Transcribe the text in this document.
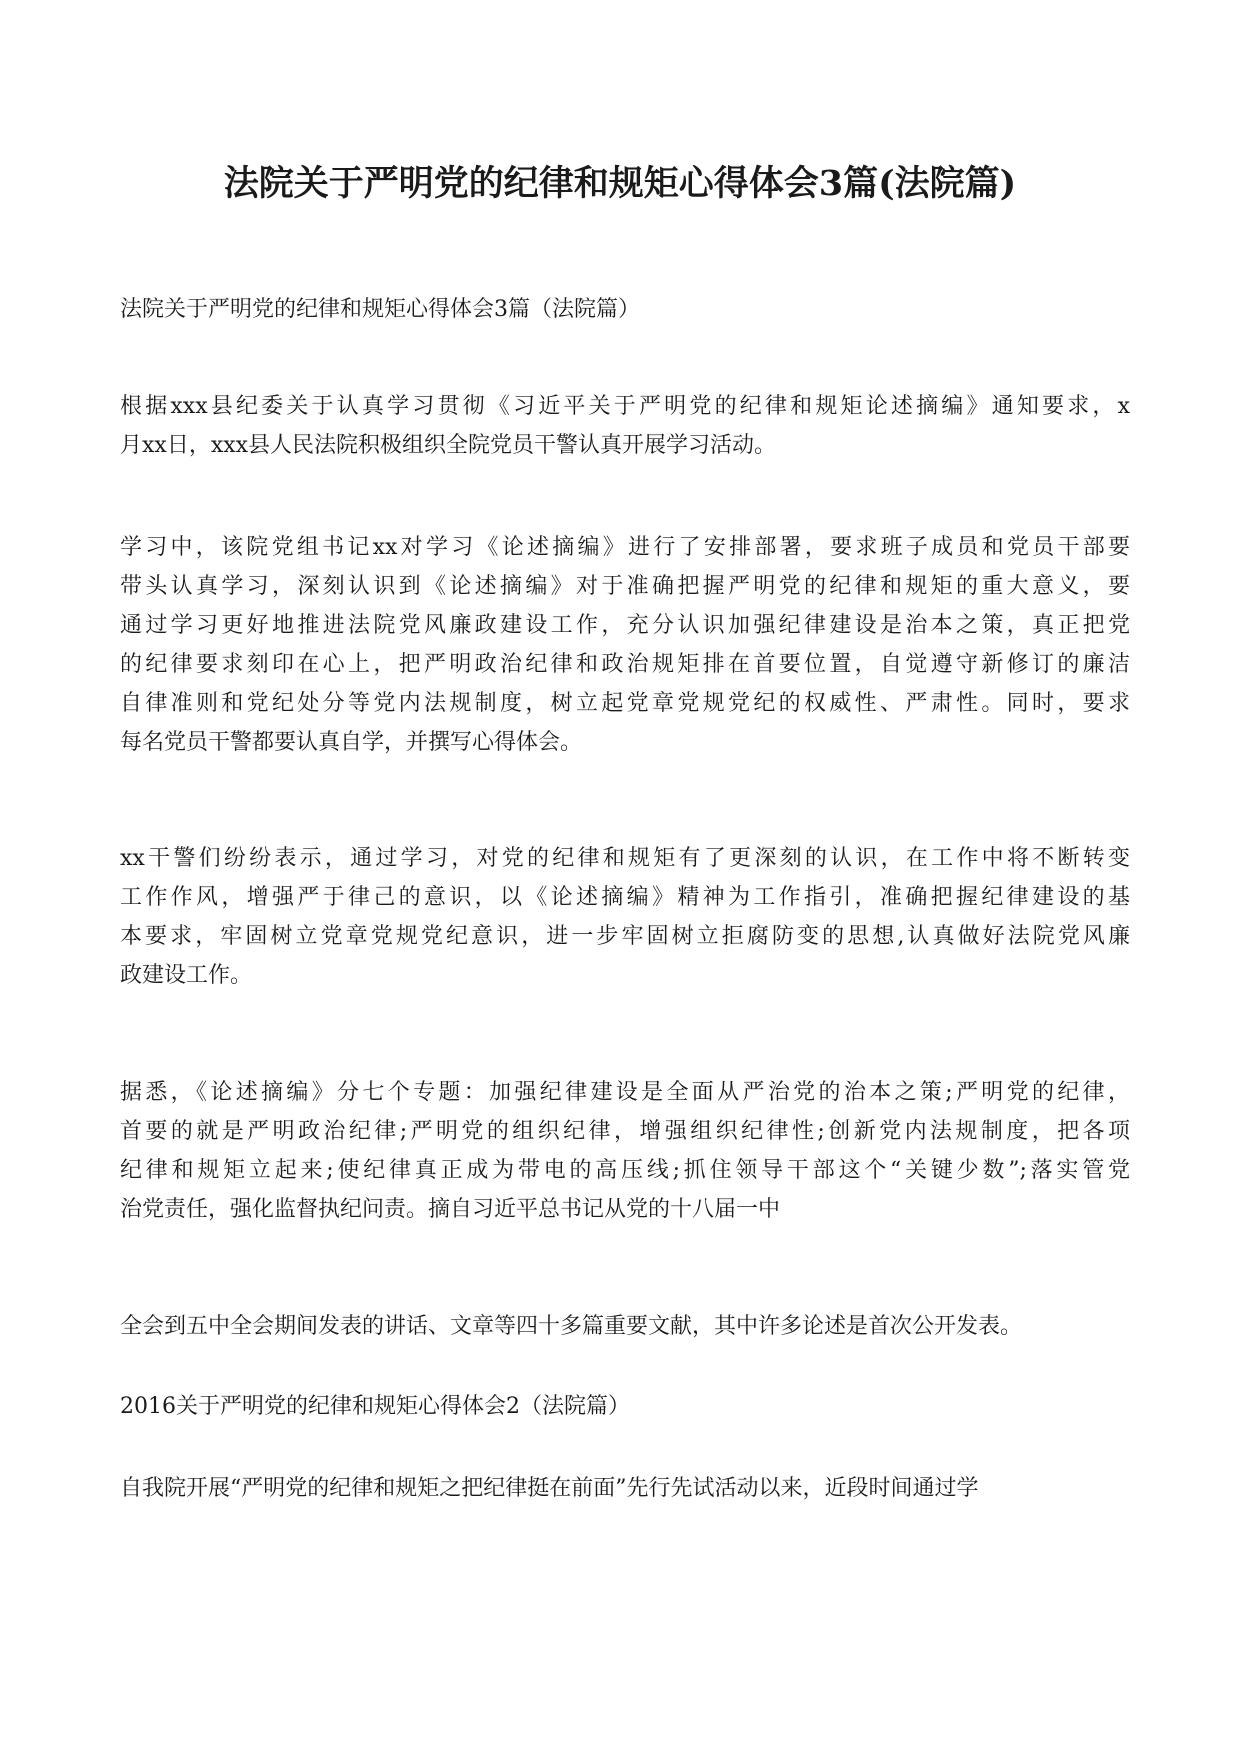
法院关于严明党的纪律和规矩心得体会3篇(法院篇)

法院关于严明党的纪律和规矩心得体会3篇（法院篇）

根据xxx县纪委关于认真学习贯彻《习近平关于严明党的纪律和规矩论述摘编》通知要求，x
月xx日，xxx县人民法院积极组织全院党员干警认真开展学习活动。

学习中，该院党组书记xx对学习《论述摘编》进行了安排部署，要求班子成员和党员干部要
带头认真学习，深刻认识到《论述摘编》对于准确把握严明党的纪律和规矩的重大意义，要
通过学习更好地推进法院党风廉政建设工作，充分认识加强纪律建设是治本之策，真正把党
的纪律要求刻印在心上，把严明政治纪律和政治规矩排在首要位置，自觉遵守新修订的廉洁
自律准则和党纪处分等党内法规制度，树立起党章党规党纪的权威性、严肃性。同时，要求
每名党员干警都要认真自学，并撰写心得体会。

xx干警们纷纷表示，通过学习，对党的纪律和规矩有了更深刻的认识，在工作中将不断转变
工作作风，增强严于律己的意识，以《论述摘编》精神为工作指引，准确把握纪律建设的基
本要求，牢固树立党章党规党纪意识，进一步牢固树立拒腐防变的思想,认真做好法院党风廉
政建设工作。

据悉，《论述摘编》分七个专题：加强纪律建设是全面从严治党的治本之策;严明党的纪律，
首要的就是严明政治纪律;严明党的组织纪律，增强组织纪律性;创新党内法规制度，把各项
纪律和规矩立起来;使纪律真正成为带电的高压线;抓住领导干部这个“关键少数”;落实管党
治党责任，强化监督执纪问责。摘自习近平总书记从党的十八届一中

全会到五中全会期间发表的讲话、文章等四十多篇重要文献，其中许多论述是首次公开发表。

2016关于严明党的纪律和规矩心得体会2（法院篇）

自我院开展“严明党的纪律和规矩之把纪律挺在前面”先行先试活动以来，近段时间通过学
